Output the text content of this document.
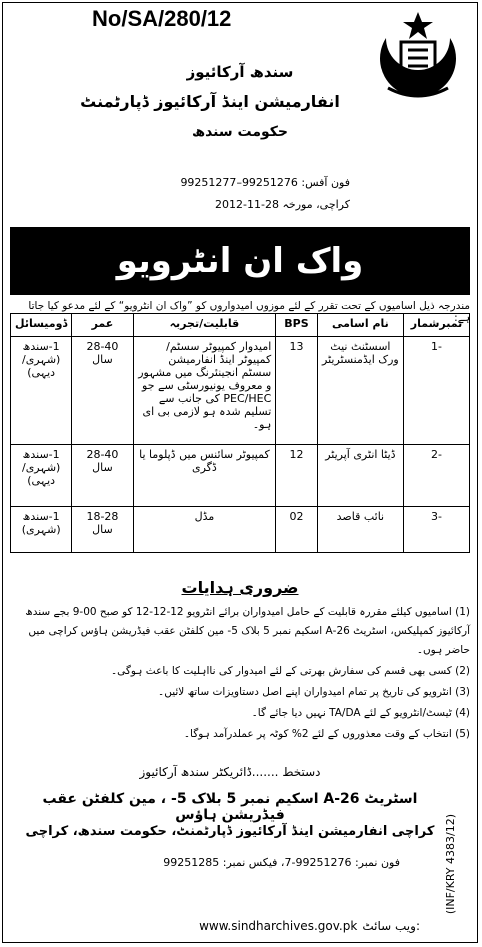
No/SA/280/12
سندھ آرکائیوز
انفارمیشن اینڈ آرکائیوز ڈپارٹمنٹ
حکومت سندھ
فون آفس: 99251276–99251277
کراچی، مورخہ 28-11-2012
واک ان انٹرویو
مندرجہ ذیل اسامیوں کے تحت تقرر کے لئے موزوں امیدواروں کو ”واک ان انٹرویو“ کے لئے مدعو کیا جاتا ہے:
نمبرشمار	نام اسامی	BPS	قابلیت/تجربہ	عمر	ڈومیسائل
-1	اسسٹنٹ نیٹ ورک ایڈمنسٹریٹر	13	امیدوار کمپیوٹر سسٹم/کمپیوٹر اینڈ انفارمیشن سسٹم انجینئرنگ میں مشہور و معروف یونیورسٹی سے جو PEC/HEC کی جانب سے تسلیم شدہ ہو لازمی بی ای ہو۔	28-40 سال	1-سندھ
(شہری/دیہی)

-2	ڈیٹا انٹری آپریٹر	12	کمپیوٹر سائنس میں ڈپلوما یا ڈگری	28-40 سال	1-سندھ
(شہری/دیہی)

-3	نائب قاصد	02	مڈل	18-28 سال	1-سندھ
(شہری)
ضروری ہدایات
(1) اسامیوں کیلئے مقررہ قابلیت کے حامل امیدواران برائے انٹرویو 12-12-12 کو صبح 00-9 بجے سندھ آرکائیوز کمپلیکس، اسٹریٹ 26-A اسکیم نمبر 5 بلاک 5- مین کلفٹن عقب فیڈریشن ہاؤس کراچی میں حاضر ہوں۔
(2) کسی بھی قسم کی سفارش بھرتی کے لئے امیدوار کی نااہلیت کا باعث ہوگی۔
(3) انٹرویو کی تاریخ پر تمام امیدواران اپنے اصل دستاویزات ساتھ لائیں۔
(4) ٹیسٹ/انٹرویو کے لئے TA/DA نہیں دیا جائے گا۔
(5) انتخاب کے وقت معذوروں کے لئے 2% کوٹہ پر عملدرآمد ہوگا۔
دستخط .......ڈائریکٹر سندھ آرکائیوز
اسٹریٹ 26-A اسکیم نمبر 5 بلاک 5- ، مین کلفٹن عقب فیڈریشن ہاؤس
کراچی انفارمیشن اینڈ آرکائیوز ڈپارٹمنٹ، حکومت سندھ، کراچی
فون نمبر: 99251276-7، فیکس نمبر: 99251285
www.sindharchives.gov.pk ویب سائٹ:
(INF/KRY 4383/12)
